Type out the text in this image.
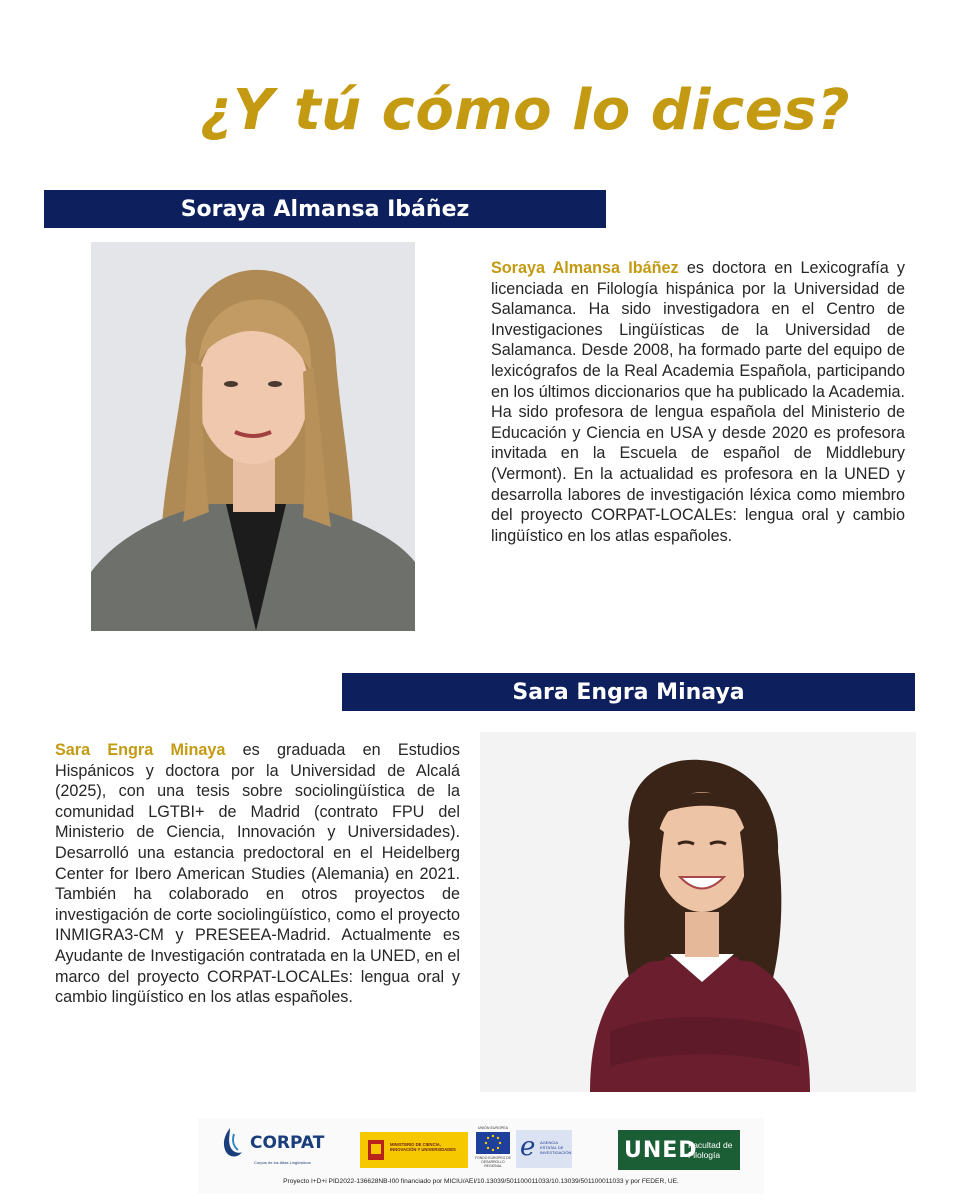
¿Y tú cómo lo dices?
Soraya Almansa Ibáñez
Soraya Almansa Ibáñez es doctora en Lexicografía y licenciada en Filología hispánica por la Universidad de Salamanca. Ha sido investigadora en el Centro de Investigaciones Lingüísticas de la Universidad de Salamanca. Desde 2008, ha formado parte del equipo de lexicógrafos de la Real Academia Española, participando en los últimos diccionarios que ha publicado la Academia. Ha sido profesora de lengua española del Ministerio de Educación y Ciencia en USA y desde 2020 es profesora invitada en la Escuela de español de Middlebury (Vermont). En la actualidad es profesora en la UNED y desarrolla labores de investigación léxica como miembro del proyecto CORPAT-LOCALEs: lengua oral y cambio lingüístico en los atlas españoles.
Sara Engra Minaya
Sara Engra Minaya es graduada en Estudios Hispánicos y doctora por la Universidad de Alcalá (2025), con una tesis sobre sociolingüística de la comunidad LGTBI+ de Madrid (contrato FPU del Ministerio de Ciencia, Innovación y Universidades). Desarrolló una estancia predoctoral en el Heidelberg Center for Ibero American Studies (Alemania) en 2021. También ha colaborado en otros proyectos de investigación de corte sociolingüístico, como el proyecto INMIGRA3-CM y PRESEEA-Madrid. Actualmente es Ayudante de Investigación contratada en la UNED, en el marco del proyecto CORPAT-LOCALEs: lengua oral y cambio lingüístico en los atlas españoles.
CORPAT
Corpus de los Atlas Lingüísticos
MINISTERIO DE CIENCIA, INNOVACIÓN Y UNIVERSIDADES
UNIÓN EUROPEA
FONDO EUROPEO DE DESARROLLO REGIONAL
e AGENCIA ESTATAL DE INVESTIGACIÓN UNED
Facultad de Filología
Proyecto I+D+i PID2022-136628NB-I00 financiado por MICIU/AEI/10.13039/501100011033/10.13039/501100011033 y por FEDER, UE.
